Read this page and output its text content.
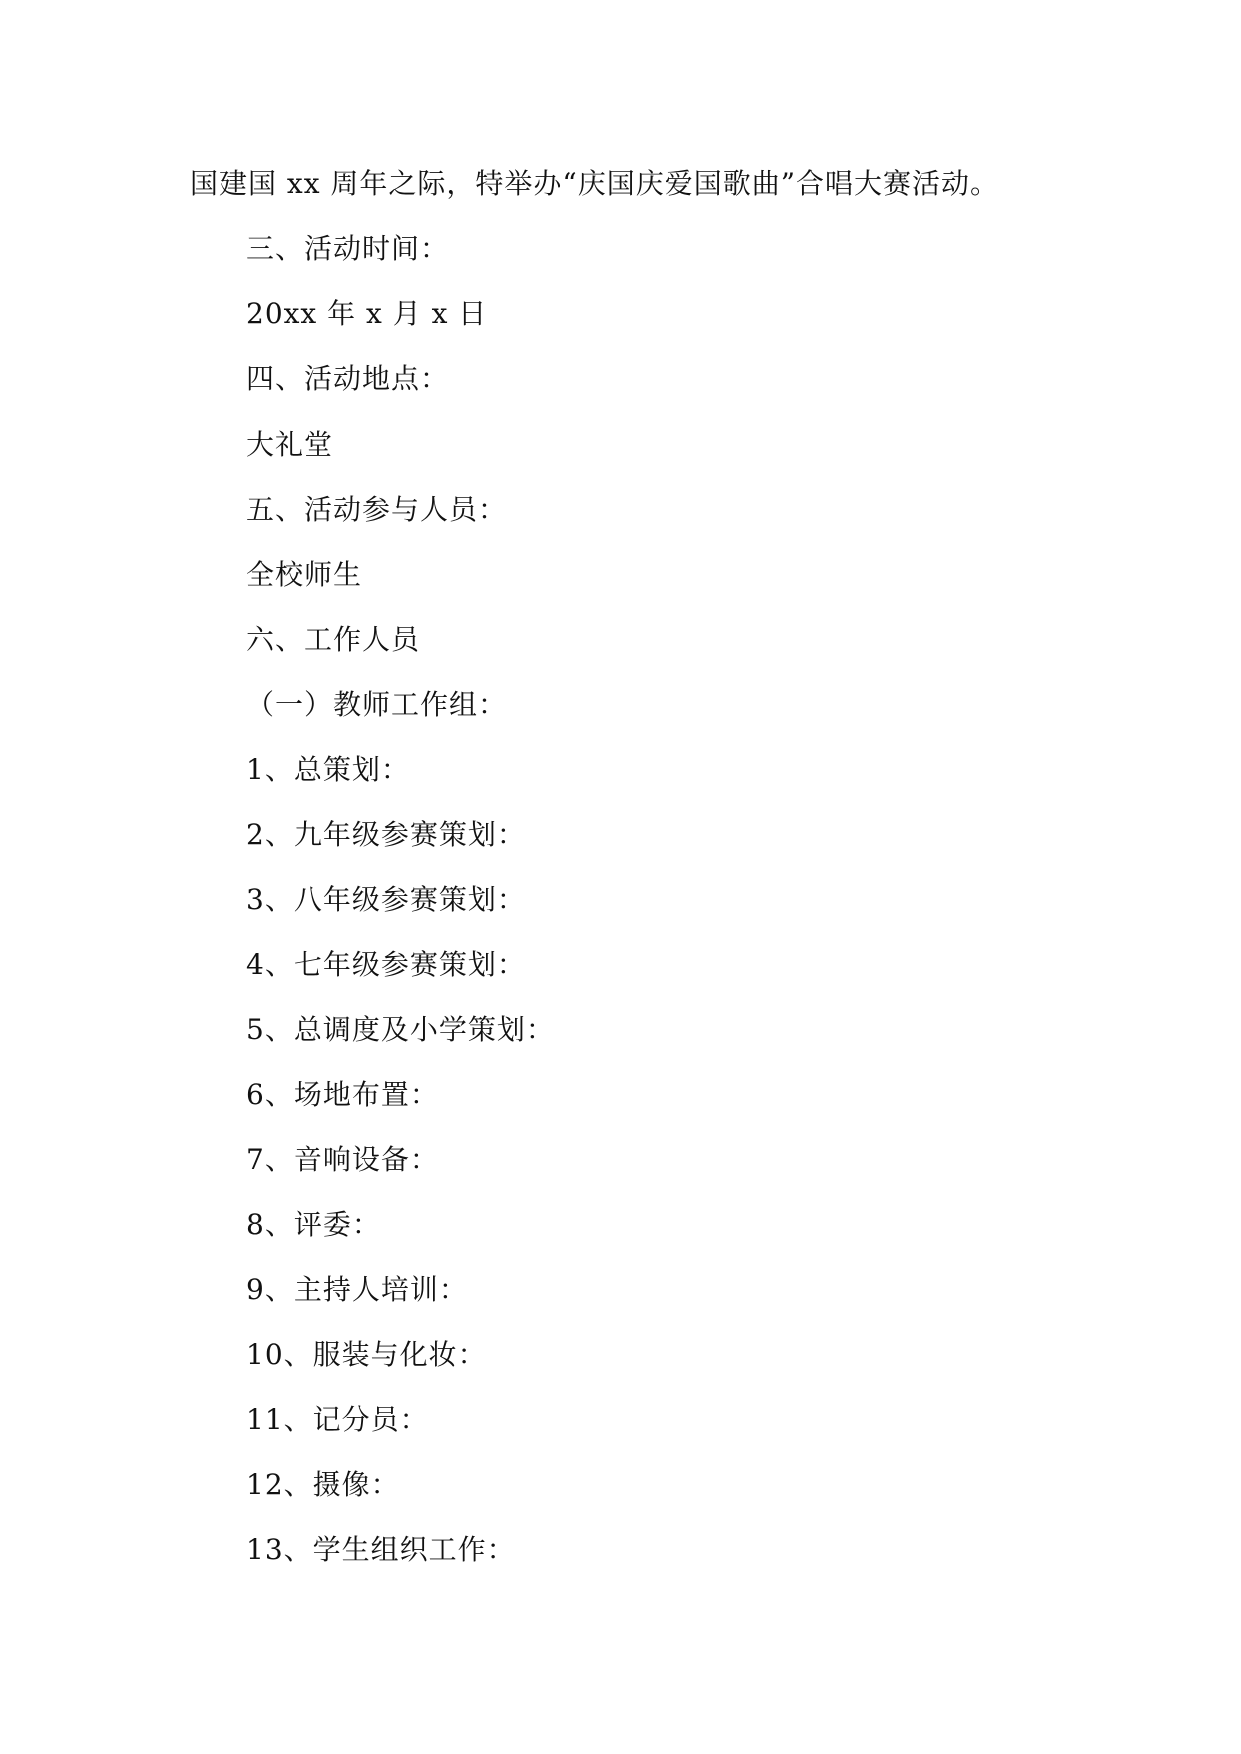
国建国 xx 周年之际，特举办“庆国庆爱国歌曲”合唱大赛活动。
三、活动时间：
20xx 年 x 月 x 日
四、活动地点：
大礼堂
五、活动参与人员：
全校师生
六、工作人员
（一）教师工作组：
1、总策划：
2、九年级参赛策划：
3、八年级参赛策划：
4、七年级参赛策划：
5、总调度及小学策划：
6、场地布置：
7、音响设备：
8、评委：
9、主持人培训：
10、服装与化妆：
11、记分员：
12、摄像：
13、学生组织工作：
